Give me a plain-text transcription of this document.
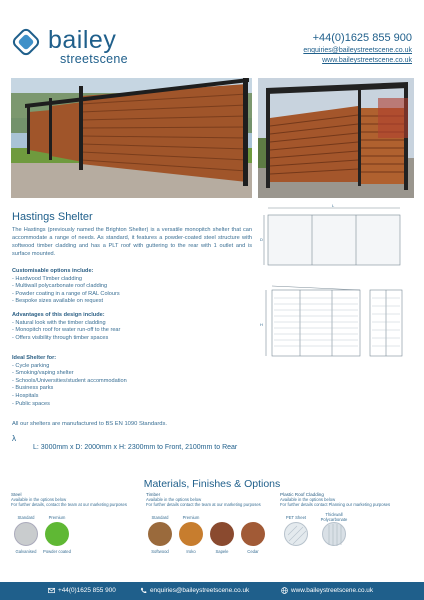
bailey
streetscene
+44(0)1625 855 900
enquiries@baileystreetscene.co.uk
www.baileystreetscene.co.uk
Hastings Shelter
The Hastings (previously named the Brighton Shelter) is a versatile monopitch shelter that can accommodate a range of needs. As standard, it features a powder-coated steel structure with softwood timber cladding and has a PLT roof with guttering to the rear with 1 outlet and is surface mounted.
Customisable options include:
- Hardwood Timber cladding
- Multiwall polycarbonate roof cladding
- Powder coating in a range of RAL Colours
- Bespoke sizes available on request
Advantages of this design include:
- Natural look with the timber cladding
- Monopitch roof for water run-off to the rear
- Offers visibility through timber spaces
Ideal Shelter for:
- Cycle parking
- Smoking/vaping shelter
- Schools/Universities/student accommodation
- Business parks
- Hospitals
- Public spaces
All our shelters are manufactured to BS EN 1090 Standards.
λ
L: 3000mm x D: 2000mm x H: 2300mm to Front, 2100mm to Rear
L
D
H
Materials, Finishes & Options
Steel
Available in the options below
For further details, contact the team at our marketing purposes
Timber
Available in the options below
For further details contact the team at our marketing purposes
Plastic Roof Cladding
Available in the options below
For further details contact Planning our marketing purposes
Standard
Galvanised
Premium
Powder coated
Standard
Softwood
Premium
Iroko	Sapele	Cedar
PET Sheet
Thickwall Polycarbonate
+44(0)1625 855 900	enquiries@baileystreetscene.co.uk	www.baileystreetscene.co.uk
